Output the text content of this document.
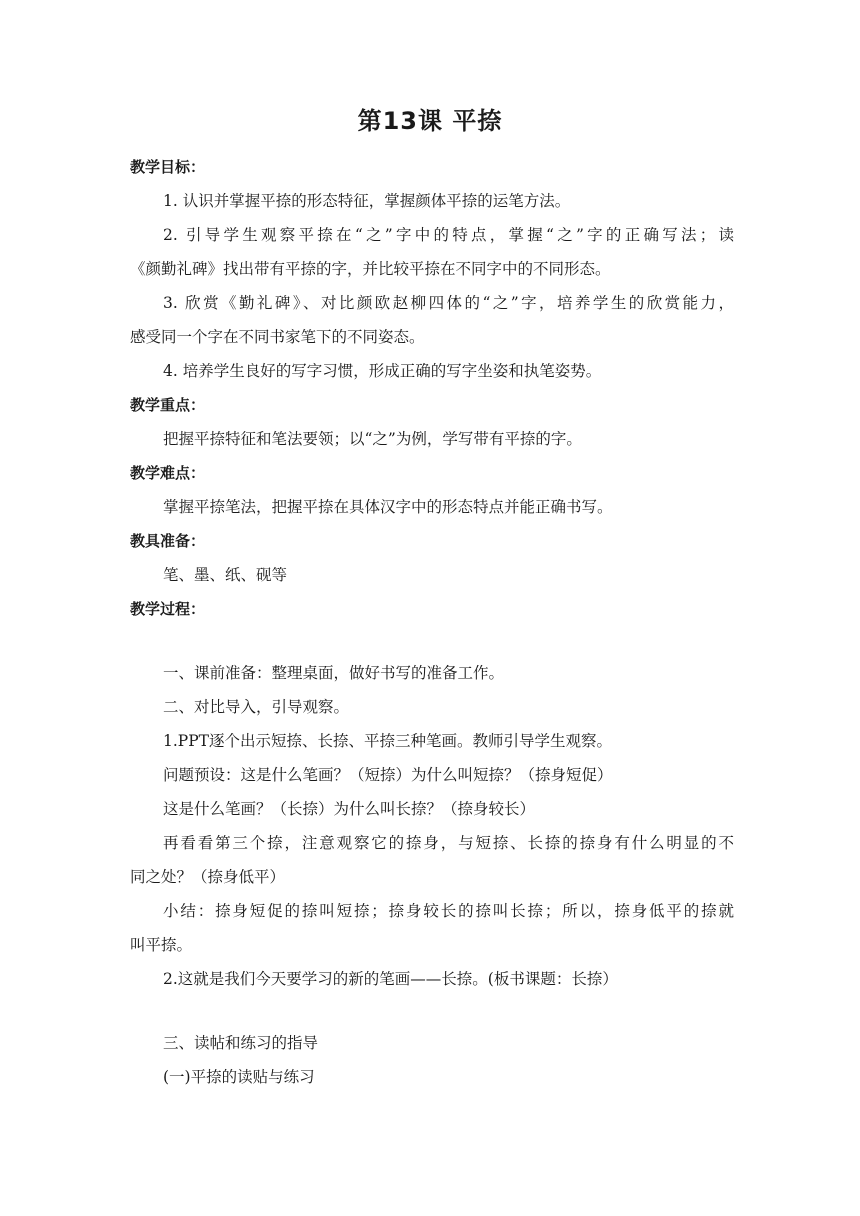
第13课 平捺
教学目标：
1. 认识并掌握平捺的形态特征，掌握颜体平捺的运笔方法。
2. 引导学生观察平捺在“之”字中的特点，掌握“之”字的正确写法；读
《颜勤礼碑》找出带有平捺的字，并比较平捺在不同字中的不同形态。
3. 欣赏《勤礼碑》、对比颜欧赵柳四体的“之”字，培养学生的欣赏能力，
感受同一个字在不同书家笔下的不同姿态。
4. 培养学生良好的写字习惯，形成正确的写字坐姿和执笔姿势。
教学重点：
把握平捺特征和笔法要领；以“之”为例，学写带有平捺的字。
教学难点：
掌握平捺笔法，把握平捺在具体汉字中的形态特点并能正确书写。
教具准备：
笔、墨、纸、砚等
教学过程：
一、课前准备：整理桌面，做好书写的准备工作。
二、对比导入，引导观察。
1.PPT逐个出示短捺、长捺、平捺三种笔画。教师引导学生观察。
问题预设：这是什么笔画？（短捺）为什么叫短捺？（捺身短促）
这是什么笔画？（长捺）为什么叫长捺？（捺身较长）
再看看第三个捺，注意观察它的捺身，与短捺、长捺的捺身有什么明显的不
同之处？（捺身低平）
小结：捺身短促的捺叫短捺；捺身较长的捺叫长捺；所以，捺身低平的捺就
叫平捺。
2.这就是我们今天要学习的新的笔画——长捺。(板书课题：长捺）
三、读帖和练习的指导
(一)平捺的读贴与练习
